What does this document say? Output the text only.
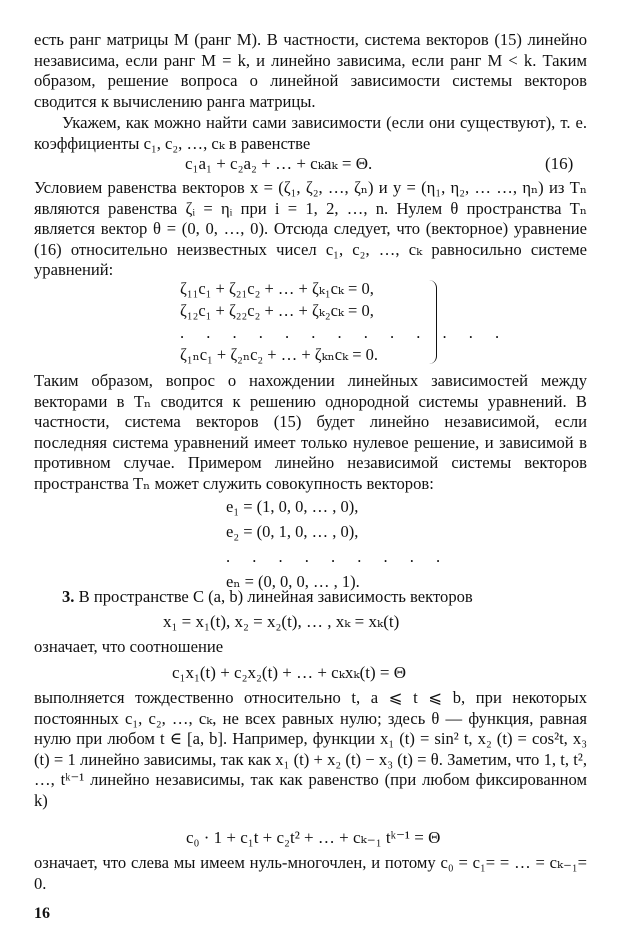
есть ранг матрицы M (ранг M). В частности, система векторов (15) линейно независима, если ранг M = k, и линейно зависима, если ранг M < k. Таким образом, решение вопроса о линейной зависимости системы векторов сводится к вычислению ранга матрицы.

Укажем, как можно найти сами зависимости (если они существуют), т. е. коэффициенты c₁, c₂, …, cₖ в равенстве

c₁a₁ + c₂a₂ + … + cₖaₖ = Θ.	(16)

Условием равенства векторов x = (ζ₁, ζ₂, …, ζₙ) и y = (η₁, η₂, … …, ηₙ) из Tₙ являются равенства ζᵢ = ηᵢ при i = 1, 2, …, n. Нулем θ пространства Tₙ является вектор θ = (0, 0, …, 0). Отсюда следует, что (векторное) уравнение (16) относительно неизвестных чисел c₁, c₂, …, cₖ равносильно системе уравнений:

ζ₁₁c₁ + ζ₂₁c₂ + … + ζₖ₁cₖ = 0,
ζ₁₂c₁ + ζ₂₂c₂ + … + ζₖ₂cₖ = 0,
. . . . . . . . . . . . .
ζ₁ₙc₁ + ζ₂ₙc₂ + … + ζₖₙcₖ = 0.

Таким образом, вопрос о нахождении линейных зависимостей между векторами в Tₙ сводится к решению однородной системы уравнений. В частности, система векторов (15) будет линейно независимой, если последняя система уравнений имеет только нулевое решение, и зависимой в противном случае. Примером линейно независимой системы векторов пространства Tₙ может служить совокупность векторов:

e₁ = (1, 0, 0, … , 0),
e₂ = (0, 1, 0, … , 0),
. . . . . . . . .
eₙ = (0, 0, 0, … , 1).

3. В пространстве C (a, b) линейная зависимость векторов

x₁ = x₁(t), x₂ = x₂(t), … , xₖ = xₖ(t)

означает, что соотношение

c₁x₁(t) + c₂x₂(t) + … + cₖxₖ(t) = Θ

выполняется тождественно относительно t, a ⩽ t ⩽ b, при некоторых постоянных c₁, c₂, …, cₖ, не всех равных нулю; здесь θ — функция, равная нулю при любом t ∈ [a, b]. Например, функции x₁ (t) = sin² t, x₂ (t) = cos²t, x₃ (t) = 1 линейно зависимы, так как x₁ (t) + x₂ (t) − x₃ (t) = θ. Заметим, что 1, t, t², …, tᵏ⁻¹ линейно независимы, так как равенство (при любом фиксированном k)

c₀ · 1 + c₁t + c₂t² + … + cₖ₋₁ tᵏ⁻¹ = Θ

означает, что слева мы имеем нуль-многочлен, и потому c₀ = c₁= = … = cₖ₋₁= 0.

16
